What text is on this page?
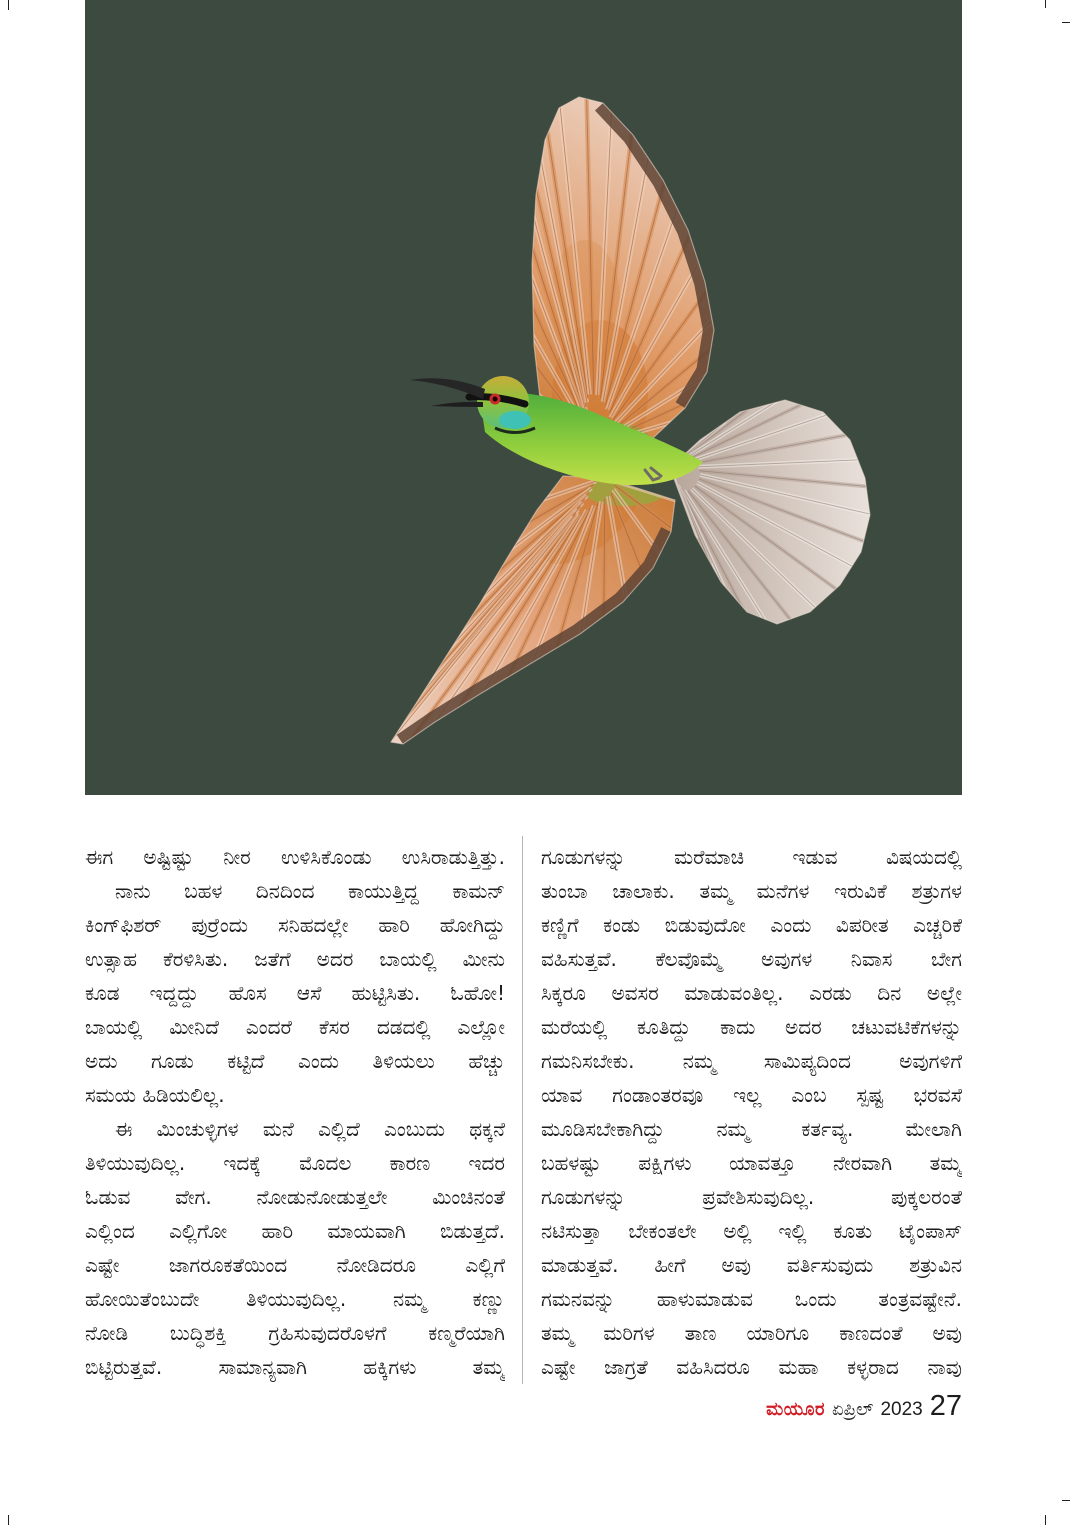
ಈಗ ಅಷ್ಟಿಷ್ಟು ನೀರ ಉಳಿಸಿಕೊಂಡು ಉಸಿರಾಡುತ್ತಿತ್ತು.
ನಾನು ಬಹಳ ದಿನದಿಂದ ಕಾಯುತ್ತಿದ್ದ ಕಾಮನ್
ಕಿಂಗ್‌ಫಿಶರ್ ಪುರ್ರೆಂದು ಸನಿಹದಲ್ಲೇ ಹಾರಿ ಹೋಗಿದ್ದು
ಉತ್ಸಾಹ ಕೆರಳಿಸಿತು. ಜತೆಗೆ ಅದರ ಬಾಯಲ್ಲಿ ಮೀನು
ಕೂಡ ಇದ್ದದ್ದು ಹೊಸ ಆಸೆ ಹುಟ್ಟಿಸಿತು. ಓಹೋ!
ಬಾಯಲ್ಲಿ ಮೀನಿದೆ ಎಂದರೆ ಕೆಸರ ದಡದಲ್ಲಿ ಎಲ್ಲೋ
ಅದು ಗೂಡು ಕಟ್ಟಿದೆ ಎಂದು ತಿಳಿಯಲು ಹೆಚ್ಚು
ಸಮಯ ಹಿಡಿಯಲಿಲ್ಲ.
ಈ ಮಿಂಚುಳ್ಳಿಗಳ ಮನೆ ಎಲ್ಲಿದೆ ಎಂಬುದು ಥಕ್ಕನೆ
ತಿಳಿಯುವುದಿಲ್ಲ. ಇದಕ್ಕೆ ಮೊದಲ ಕಾರಣ ಇದರ
ಓಡುವ ವೇಗ. ನೋಡುನೋಡುತ್ತಲೇ ಮಿಂಚಿನಂತೆ
ಎಲ್ಲಿಂದ ಎಲ್ಲಿಗೋ ಹಾರಿ ಮಾಯವಾಗಿ ಬಿಡುತ್ತದೆ.
ಎಷ್ಟೇ ಜಾಗರೂಕತೆಯಿಂದ ನೋಡಿದರೂ ಎಲ್ಲಿಗೆ
ಹೋಯಿತೆಂಬುದೇ ತಿಳಿಯುವುದಿಲ್ಲ. ನಮ್ಮ ಕಣ್ಣು
ನೋಡಿ ಬುದ್ಧಿಶಕ್ತಿ ಗ್ರಹಿಸುವುದರೊಳಗೆ ಕಣ್ಮರೆಯಾಗಿ
ಬಿಟ್ಟಿರುತ್ತವೆ. ಸಾಮಾನ್ಯವಾಗಿ ಹಕ್ಕಿಗಳು ತಮ್ಮ
ಗೂಡುಗಳನ್ನು ಮರೆಮಾಚಿ ಇಡುವ ವಿಷಯದಲ್ಲಿ
ತುಂಬಾ ಚಾಲಾಕು. ತಮ್ಮ ಮನೆಗಳ ಇರುವಿಕೆ ಶತ್ರುಗಳ
ಕಣ್ಣಿಗೆ ಕಂಡು ಬಿಡುವುದೋ ಎಂದು ವಿಪರೀತ ಎಚ್ಚರಿಕೆ
ವಹಿಸುತ್ತವೆ. ಕೆಲವೊಮ್ಮೆ ಅವುಗಳ ನಿವಾಸ ಬೇಗ
ಸಿಕ್ಕರೂ ಅವಸರ ಮಾಡುವಂತಿಲ್ಲ. ಎರಡು ದಿನ ಅಲ್ಲೇ
ಮರೆಯಲ್ಲಿ ಕೂತಿದ್ದು ಕಾದು ಅದರ ಚಟುವಟಿಕೆಗಳನ್ನು
ಗಮನಿಸಬೇಕು. ನಮ್ಮ ಸಾಮಿಪ್ಯದಿಂದ ಅವುಗಳಿಗೆ
ಯಾವ ಗಂಡಾಂತರವೂ ಇಲ್ಲ ಎಂಬ ಸ್ಪಷ್ಟ ಭರವಸೆ
ಮೂಡಿಸಬೇಕಾಗಿದ್ದು ನಮ್ಮ ಕರ್ತವ್ಯ. ಮೇಲಾಗಿ
ಬಹಳಷ್ಟು ಪಕ್ಷಿಗಳು ಯಾವತ್ತೂ ನೇರವಾಗಿ ತಮ್ಮ
ಗೂಡುಗಳನ್ನು ಪ್ರವೇಶಿಸುವುದಿಲ್ಲ. ಪುಕ್ಕಲರಂತೆ
ನಟಿಸುತ್ತಾ ಬೇಕಂತಲೇ ಅಲ್ಲಿ ಇಲ್ಲಿ ಕೂತು ಟೈಂಪಾಸ್
ಮಾಡುತ್ತವೆ. ಹೀಗೆ ಅವು ವರ್ತಿಸುವುದು ಶತ್ರುವಿನ
ಗಮನವನ್ನು ಹಾಳುಮಾಡುವ ಒಂದು ತಂತ್ರವಷ್ಟೇನೆ.
ತಮ್ಮ ಮರಿಗಳ ತಾಣ ಯಾರಿಗೂ ಕಾಣದಂತೆ ಅವು
ಎಷ್ಟೇ ಜಾಗ್ರತೆ ವಹಿಸಿದರೂ ಮಹಾ ಕಳ್ಳರಾದ ನಾವು
ಮಯೂರ ಏಪ್ರಿಲ್ 2023 27
